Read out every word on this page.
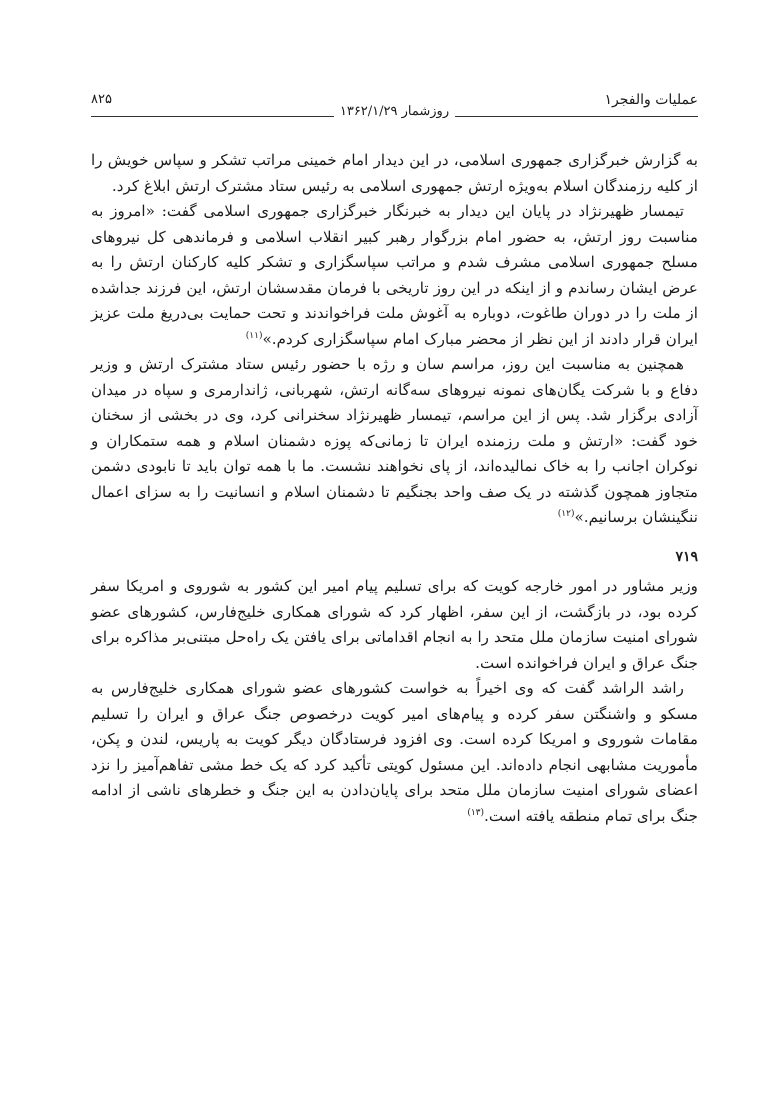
عملیات والفجر۱
۸۲۵
روزشمار ۱۳۶۲/۱/۲۹

به گزارش خبرگزاری جمهوری اسلامی، در این دیدار امام خمینی مراتب تشکر و سپاس خویش را از کلیه رزمندگان اسلام به‌ویژه ارتش جمهوری اسلامی به رئیس ستاد مشترک ارتش ابلاغ کرد.

تیمسار ظهیرنژاد در پایان این دیدار به خبرنگار خبرگزاری جمهوری اسلامی گفت: «امروز به مناسبت روز ارتش، به حضور امام بزرگوار رهبر کبیر انقلاب اسلامی و فرماندهی کل نیروهای مسلح جمهوری اسلامی مشرف شدم و مراتب سپاسگزاری و تشکر کلیه کارکنان ارتش را به عرض ایشان رساندم و از اینکه در این روز تاریخی با فرمان مقدسشان ارتش، این فرزند جداشده از ملت را در دوران طاغوت، دوباره به آغوش ملت فراخواندند و تحت حمایت بی‌دریغ ملت عزیز ایران قرار دادند از این نظر از محضر مبارک امام سپاسگزاری کردم.»$^{(۱۱)}$

همچنین به مناسبت این روز، مراسم سان و رژه با حضور رئیس ستاد مشترک ارتش و وزیر دفاع و با شرکت یگان‌های نمونه نیروهای سه‌گانه ارتش، شهربانی، ژاندارمری و سپاه در میدان آزادی برگزار شد. پس از این مراسم، تیمسار ظهیرنژاد سخنرانی کرد، وی در بخشی از سخنان خود گفت: «ارتش و ملت رزمنده ایران تا زمانی‌که پوزه دشمنان اسلام و همه ستمکاران و نوکران اجانب را به خاک نمالیده‌اند، از پای نخواهند نشست. ما با همه توان باید تا نابودی دشمن متجاوز همچون گذشته در یک صف واحد بجنگیم تا دشمنان اسلام و انسانیت را به سزای اعمال ننگینشان برسانیم.»$^{(۱۲)}$

۷۱۹

وزیر مشاور در امور خارجه کویت که برای تسلیم پیام امیر این کشور به شوروی و امریکا سفر کرده بود، در بازگشت، از این سفر، اظهار کرد که شورای همکاری خلیج‌فارس، کشورهای عضو شورای امنیت سازمان ملل متحد را به انجام اقداماتی برای یافتن یک راه‌حل مبتنی‌بر مذاکره برای جنگ عراق و ایران فراخوانده است.

راشد الراشد گفت که وی اخیراً به خواست کشورهای عضو شورای همکاری خلیج‌فارس به مسکو و واشنگتن سفر کرده و پیام‌های امیر کویت درخصوص جنگ عراق و ایران را تسلیم مقامات شوروی و امریکا کرده است. وی افزود فرستادگان دیگر کویت به پاریس، لندن و پکن، مأموریت مشابهی انجام داده‌اند. این مسئول کویتی تأکید کرد که یک خط مشی تفاهم‌آمیز را نزد اعضای شورای امنیت سازمان ملل متحد برای پایان‌دادن به این جنگ و خطرهای ناشی از ادامه جنگ برای تمام منطقه یافته است.$^{(۱۳)}$
